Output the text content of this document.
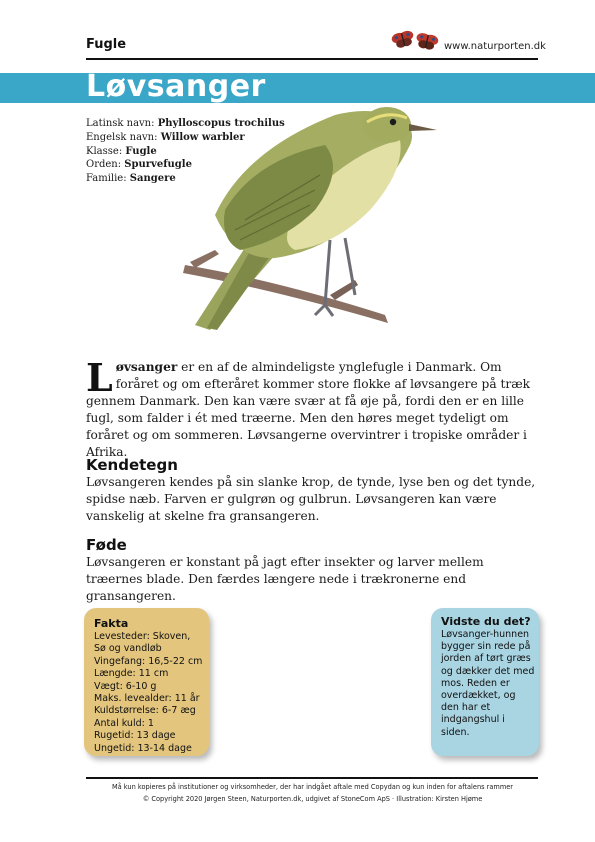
Fugle	www.naturporten.dk
Løvsanger
Latinsk navn: Phylloscopus trochilus
Engelsk navn: Willow warbler
Klasse: Fugle
Orden: Spurvefugle
Familie: Sangere
Løvsanger er en af de almindeligste ynglefugle i Danmark. Om foråret og om efteråret kommer store flokke af løvsangere på træk gennem Danmark. Den kan være svær at få øje på, fordi den er en lille fugl, som falder i ét med træerne. Men den høres meget tydeligt om foråret og om sommeren. Løvsangerne overvintrer i tropiske områder i Afrika.
Kendetegn
Løvsangeren kendes på sin slanke krop, de tynde, lyse ben og det tynde, spidse næb. Farven er gulgrøn og gulbrun. Løvsangeren kan være vanskelig at skelne fra gransangeren.
Føde
Løvsangeren er konstant på jagt efter insekter og larver mellem træernes blade. Den færdes længere nede i trækronerne end gransangeren.
Fakta
Levesteder: Skoven,
Sø og vandløb
Vingefang: 16,5-22 cm
Længde: 11 cm
Vægt: 6-10 g
Maks. levealder: 11 år
Kuldstørrelse: 6-7 æg
Antal kuld: 1
Rugetid: 13 dage
Ungetid: 13-14 dage
Vidste du det?
Løvsanger-hunnen bygger sin rede på jorden af tørt græs og dækker det med mos. Reden er overdækket, og den har et indgangshul i siden.
Må kun kopieres på institutioner og virksomheder, der har indgået aftale med Copydan og kun inden for aftalens rammer
© Copyright 2020 Jørgen Steen, Naturporten.dk, udgivet af StoneCom ApS · Illustration: Kirsten Hjøme
